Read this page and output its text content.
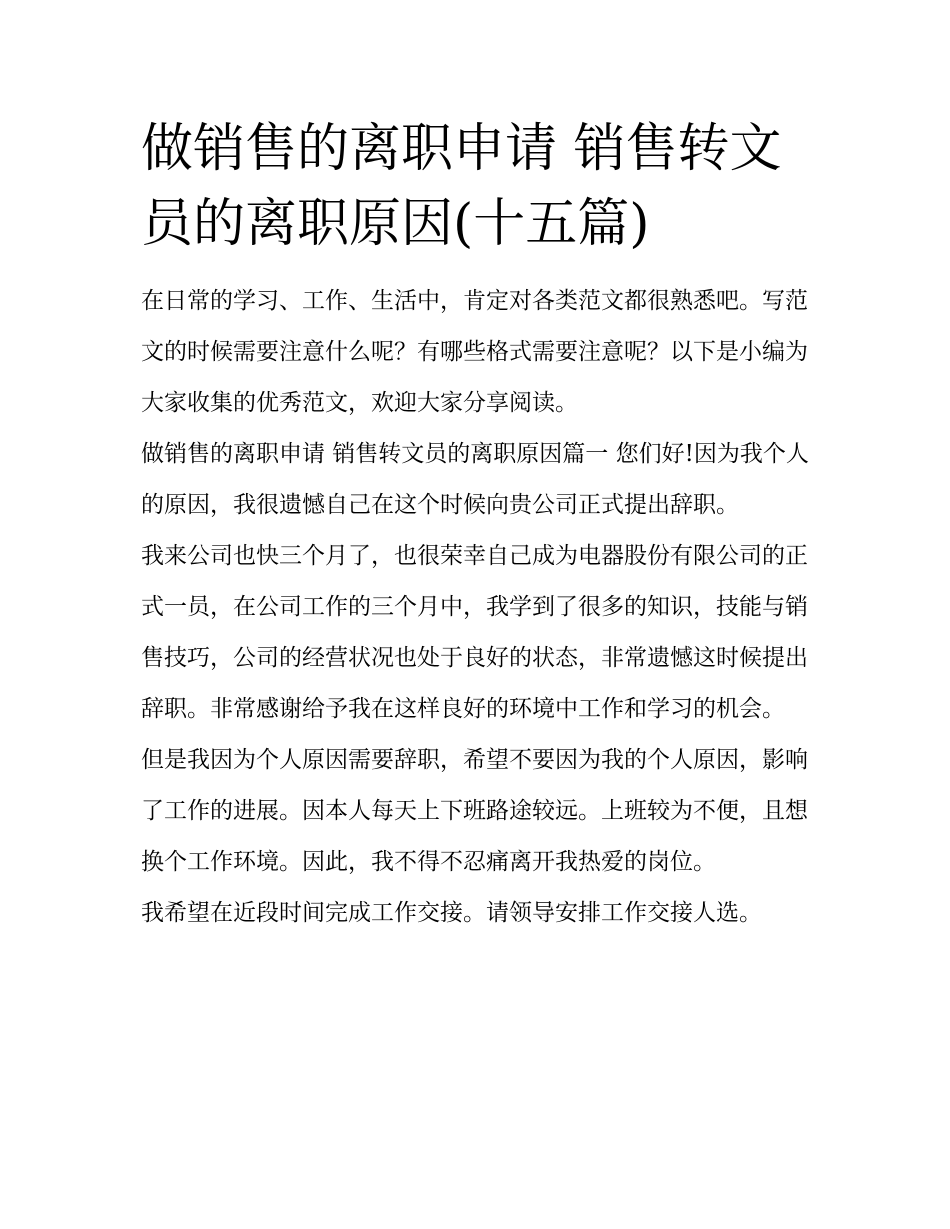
做销售的离职申请 销售转文员的离职原因(十五篇)

在日常的学习、工作、生活中，肯定对各类范文都很熟悉吧。写范文的时候需要注意什么呢？有哪些格式需要注意呢？以下是小编为大家收集的优秀范文，欢迎大家分享阅读。

做销售的离职申请 销售转文员的离职原因篇一 您们好!因为我个人的原因，我很遗憾自己在这个时候向贵公司正式提出辞职。

我来公司也快三个月了，也很荣幸自己成为电器股份有限公司的正式一员，在公司工作的三个月中，我学到了很多的知识，技能与销售技巧，公司的经营状况也处于良好的状态，非常遗憾这时候提出辞职。非常感谢给予我在这样良好的环境中工作和学习的机会。

但是我因为个人原因需要辞职，希望不要因为我的个人原因，影响了工作的进展。因本人每天上下班路途较远。上班较为不便，且想换个工作环境。因此，我不得不忍痛离开我热爱的岗位。

我希望在近段时间完成工作交接。请领导安排工作交接人选。
